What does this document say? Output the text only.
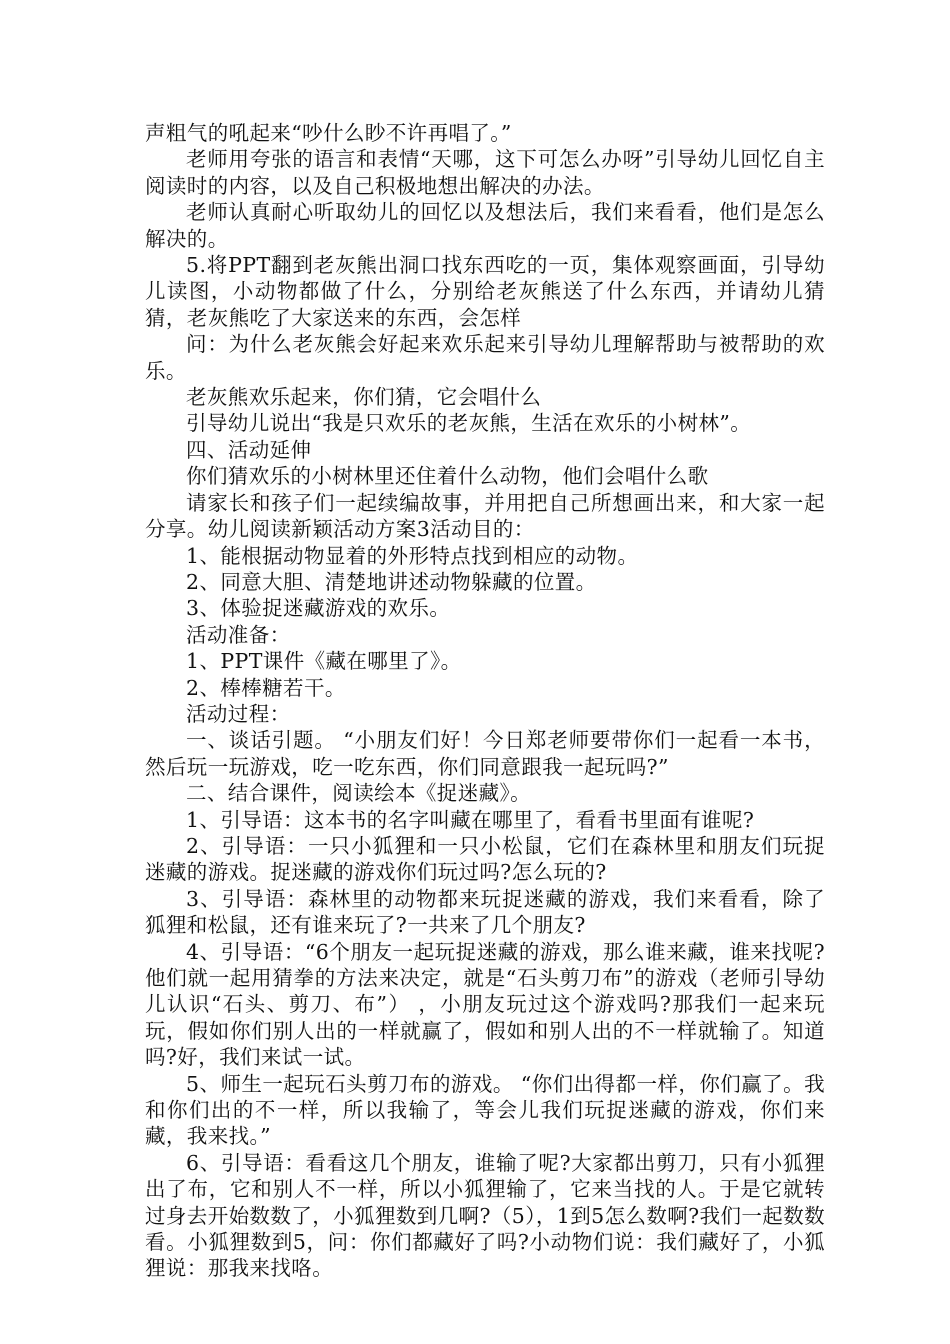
声粗气的吼起来“吵什么眇不许再唱了。”

老师用夸张的语言和表情“天哪，这下可怎么办呀”引导幼儿回忆自主阅读时的内容，以及自己积极地想出解决的办法。

老师认真耐心听取幼儿的回忆以及想法后，我们来看看，他们是怎么解决的。

5.将PPT翻到老灰熊出洞口找东西吃的一页，集体观察画面，引导幼儿读图，小动物都做了什么，分别给老灰熊送了什么东西，并请幼儿猜猜，老灰熊吃了大家送来的东西，会怎样

问：为什么老灰熊会好起来欢乐起来引导幼儿理解帮助与被帮助的欢乐。

老灰熊欢乐起来，你们猜，它会唱什么

引导幼儿说出“我是只欢乐的老灰熊，生活在欢乐的小树林”。

四、活动延伸

你们猜欢乐的小树林里还住着什么动物，他们会唱什么歌

请家长和孩子们一起续编故事，并用把自己所想画出来，和大家一起分享。幼儿阅读新颖活动方案3活动目的：

1、能根据动物显着的外形特点找到相应的动物。

2、同意大胆、清楚地讲述动物躲藏的位置。

3、体验捉迷藏游戏的欢乐。

活动准备：

1、PPT课件《藏在哪里了》。

2、棒棒糖若干。

活动过程：

一、谈话引题。 “小朋友们好！今日郑老师要带你们一起看一本书，然后玩一玩游戏，吃一吃东西，你们同意跟我一起玩吗?”

二、结合课件，阅读绘本《捉迷藏》。

1、引导语：这本书的名字叫藏在哪里了，看看书里面有谁呢?

2、引导语：一只小狐狸和一只小松鼠，它们在森林里和朋友们玩捉迷藏的游戏。捉迷藏的游戏你们玩过吗?怎么玩的?

3、引导语：森林里的动物都来玩捉迷藏的游戏，我们来看看，除了狐狸和松鼠，还有谁来玩了?一共来了几个朋友?

4、引导语：“6个朋友一起玩捉迷藏的游戏，那么谁来藏，谁来找呢?他们就一起用猜拳的方法来决定，就是“石头剪刀布”的游戏（老师引导幼儿认识“石头、剪刀、布”） ，小朋友玩过这个游戏吗?那我们一起来玩玩，假如你们别人出的一样就赢了，假如和别人出的不一样就输了。知道吗?好，我们来试一试。

5、师生一起玩石头剪刀布的游戏。 “你们出得都一样，你们赢了。我和你们出的不一样，所以我输了，等会儿我们玩捉迷藏的游戏，你们来藏，我来找。”

6、引导语：看看这几个朋友，谁输了呢?大家都出剪刀，只有小狐狸出了布，它和别人不一样，所以小狐狸输了，它来当找的人。于是它就转过身去开始数数了，小狐狸数到几啊?（5），1到5怎么数啊?我们一起数数看。小狐狸数到5，问：你们都藏好了吗?小动物们说：我们藏好了，小狐狸说：那我来找咯。
